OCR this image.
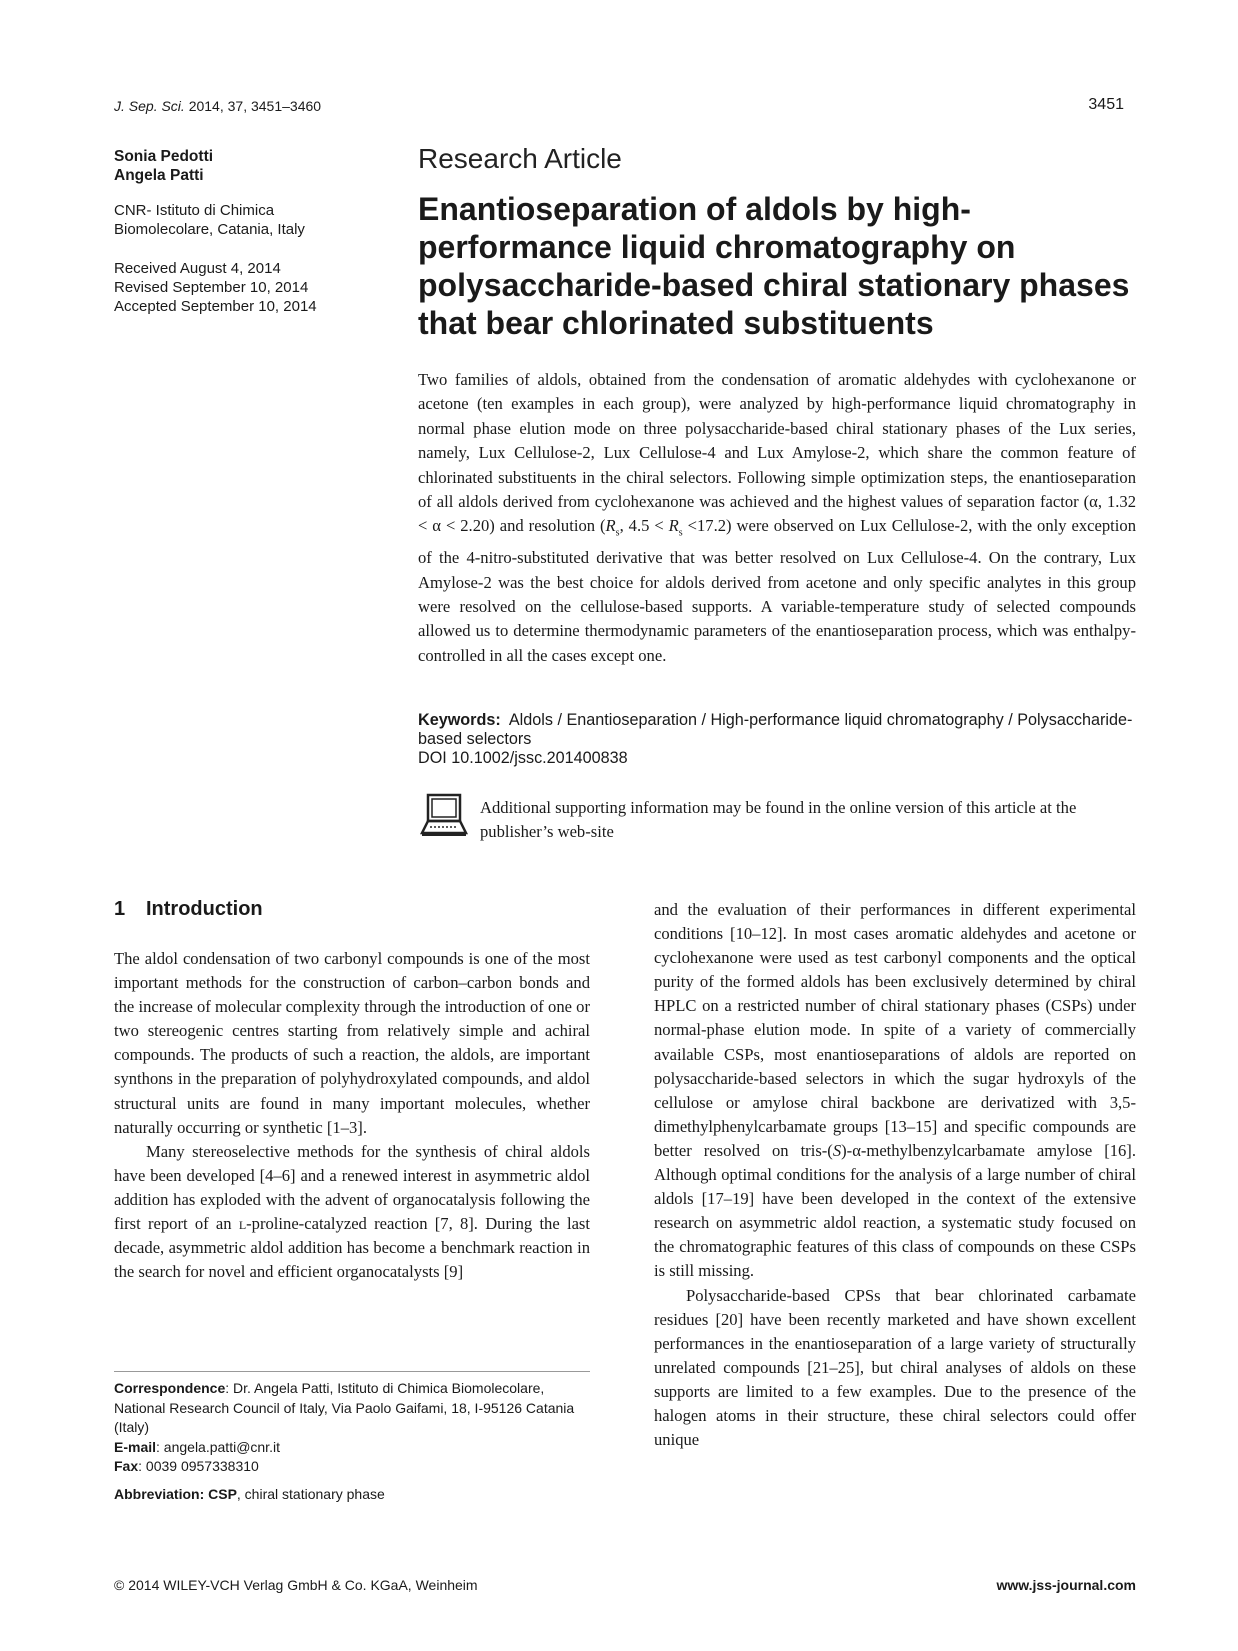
J. Sep. Sci. 2014, 37, 3451–3460	3451
Sonia Pedotti
Angela Patti
CNR- Istituto di Chimica
Biomolecolare, Catania, Italy
Received August 4, 2014
Revised September 10, 2014
Accepted September 10, 2014
Research Article
Enantioseparation of aldols by high-performance liquid chromatography on polysaccharide-based chiral stationary phases that bear chlorinated substituents
Two families of aldols, obtained from the condensation of aromatic aldehydes with cyclohexanone or acetone (ten examples in each group), were analyzed by high-performance liquid chromatography in normal phase elution mode on three polysaccharide-based chiral stationary phases of the Lux series, namely, Lux Cellulose-2, Lux Cellulose-4 and Lux Amylose-2, which share the common feature of chlorinated substituents in the chiral selectors. Following simple optimization steps, the enantioseparation of all aldols derived from cyclohexanone was achieved and the highest values of separation factor (α, 1.32 < α < 2.20) and resolution ($R_s$, $4.5 < R_s <17.2$) were observed on Lux Cellulose-2, with the only exception of the 4-nitro-substituted derivative that was better resolved on Lux Cellulose-4. On the contrary, Lux Amylose-2 was the best choice for aldols derived from acetone and only specific analytes in this group were resolved on the cellulose-based supports. A variable-temperature study of selected compounds allowed us to determine thermodynamic parameters of the enantioseparation process, which was enthalpy-controlled in all the cases except one.
Keywords: Aldols / Enantioseparation / High-performance liquid chromatography / Polysaccharide-based selectors
DOI 10.1002/jssc.201400838
Additional supporting information may be found in the online version of this article at the publisher’s web-site
1 Introduction

The aldol condensation of two carbonyl compounds is one of the most important methods for the construction of carbon–carbon bonds and the increase of molecular complexity through the introduction of one or two stereogenic centres starting from relatively simple and achiral compounds. The products of such a reaction, the aldols, are important synthons in the preparation of polyhydroxylated compounds, and aldol structural units are found in many important molecules, whether naturally occurring or synthetic [1–3].

Many stereoselective methods for the synthesis of chiral aldols have been developed [4–6] and a renewed interest in asymmetric aldol addition has exploded with the advent of organocatalysis following the first report of an l-proline-catalyzed reaction [7, 8]. During the last decade, asymmetric aldol addition has become a benchmark reaction in the search for novel and efficient organocatalysts [9]

and the evaluation of their performances in different experimental conditions [10–12]. In most cases aromatic aldehydes and acetone or cyclohexanone were used as test carbonyl components and the optical purity of the formed aldols has been exclusively determined by chiral HPLC on a restricted number of chiral stationary phases (CSPs) under normal-phase elution mode. In spite of a variety of commercially available CSPs, most enantioseparations of aldols are reported on polysaccharide-based selectors in which the sugar hydroxyls of the cellulose or amylose chiral backbone are derivatized with 3,5-dimethylphenylcarbamate groups [13–15] and specific compounds are better resolved on tris-(S)-α-methylbenzylcarbamate amylose [16]. Although optimal conditions for the analysis of a large number of chiral aldols [17–19] have been developed in the context of the extensive research on asymmetric aldol reaction, a systematic study focused on the chromatographic features of this class of compounds on these CSPs is still missing.

Polysaccharide-based CPSs that bear chlorinated carbamate residues [20] have been recently marketed and have shown excellent performances in the enantioseparation of a large variety of structurally unrelated compounds [21–25], but chiral analyses of aldols on these supports are limited to a few examples. Due to the presence of the halogen atoms in their structure, these chiral selectors could offer unique

Correspondence: Dr. Angela Patti, Istituto di Chimica Biomolecolare, National Research Council of Italy, Via Paolo Gaifami, 18, I-95126 Catania (Italy)
E-mail: angela.patti@cnr.it
Fax: 0039 0957338310
Abbreviation: CSP, chiral stationary phase
© 2014 WILEY-VCH Verlag GmbH & Co. KGaA, Weinheim	www.jss-journal.com
